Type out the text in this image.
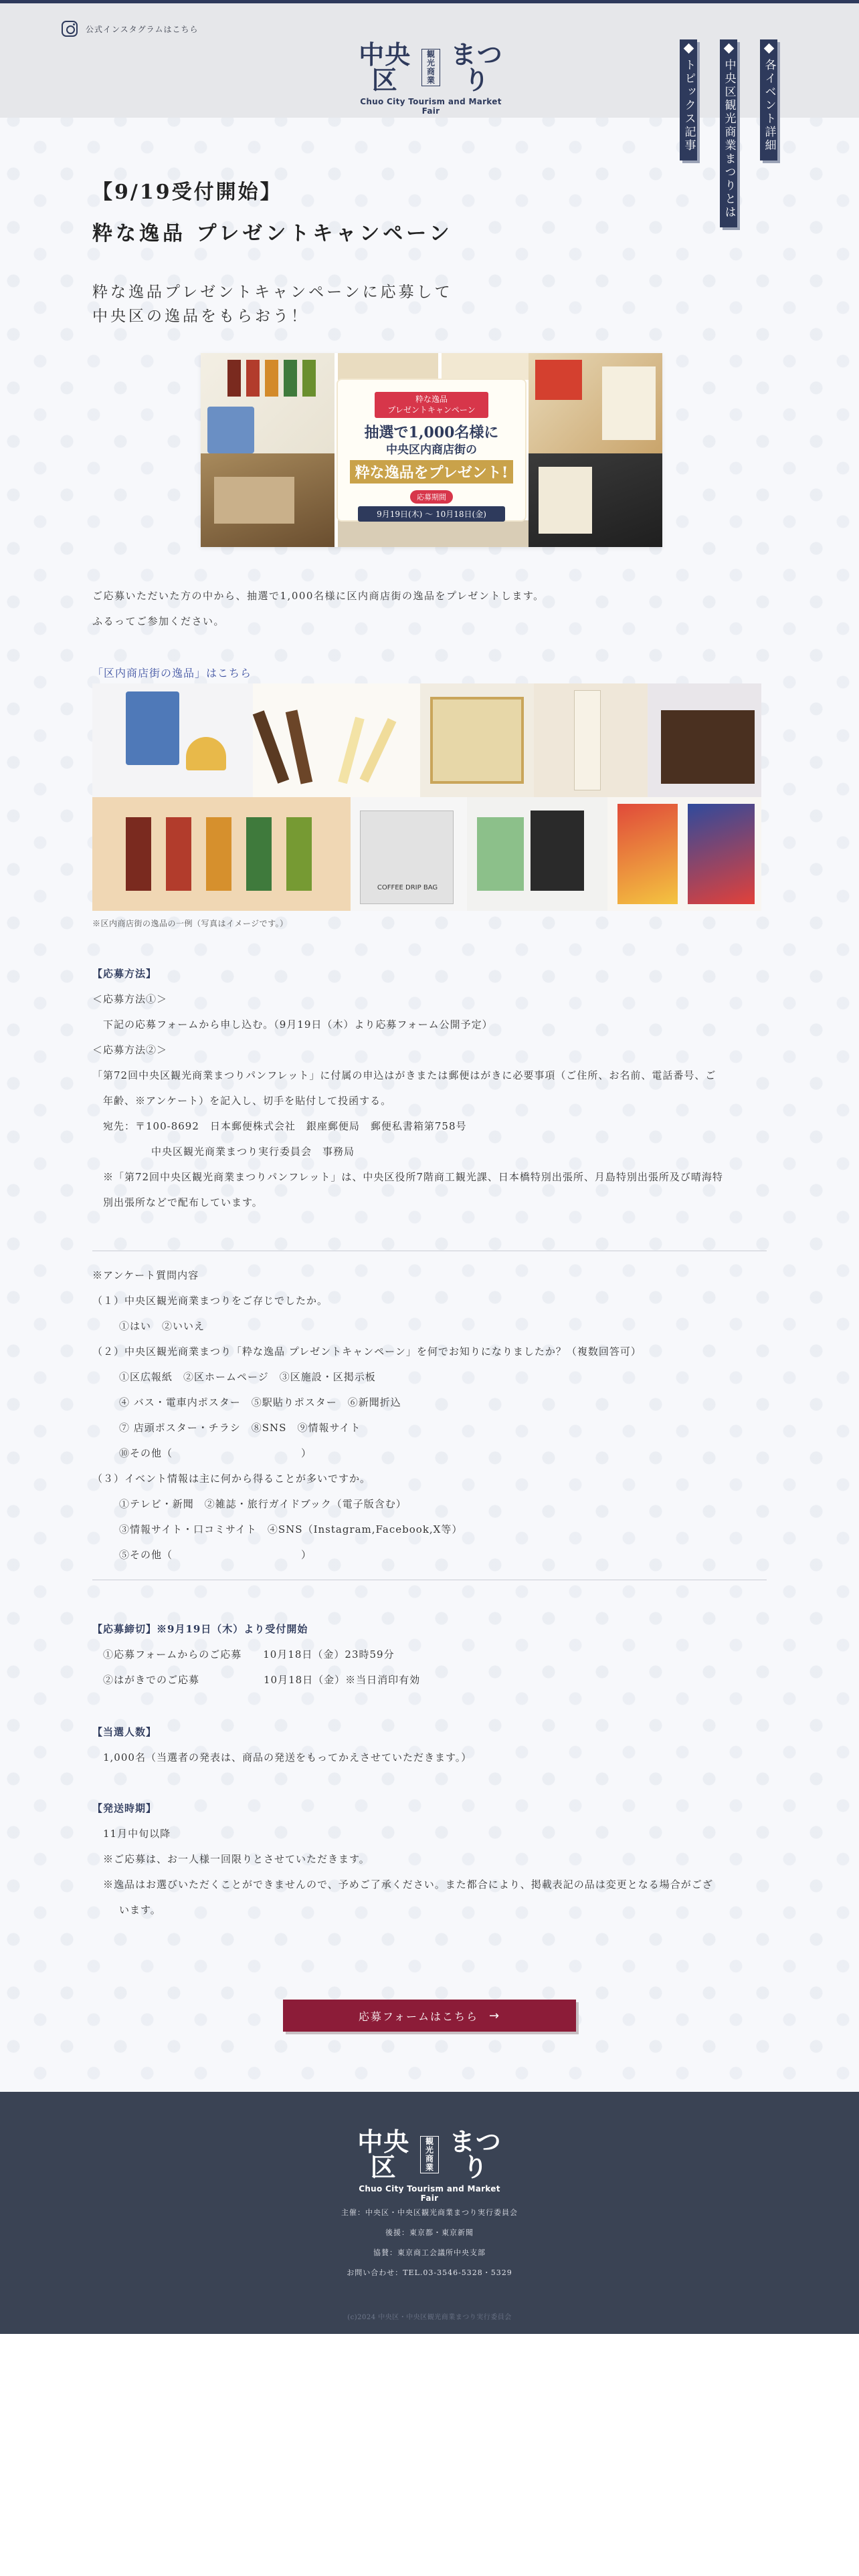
公式インスタグラムはこちら
中央区
観光
商業
まつり
Chuo City Tourism and Market Fair	各イベント詳細
中央区観光商業まつりとは
トピックス記事
【9/19受付開始】
粋な逸品 プレゼントキャンペーン

粋な逸品プレゼントキャンペーンに応募して
中央区の逸品をもらおう！

粋な逸品
プレゼントキャンペーン
抽選で1,000名様に
中央区内商店街の
粋な逸品をプレゼント!
応募期間
9月19日(木) ～ 10月18日(金)

ご応募いただいた方の中から、抽選で1,000名様に区内商店街の逸品をプレゼントします。

ふるってご参加ください。

「区内商店街の逸品」はこちら
COFFEE DRIP BAG

※区内商店街の逸品の一例（写真はイメージです。）

【応募方法】
＜応募方法①＞
下記の応募フォームから申し込む。（9月19日（木）より応募フォーム公開予定）
＜応募方法②＞
「第72回中央区観光商業まつりパンフレット」に付属の申込はがきまたは郵便はがきに必要事項（ご住所、お名前、電話番号、ご
年齢、※アンケート）を記入し、切手を貼付して投函する。
宛先：〒100‐8692　日本郵便株式会社　銀座郵便局　郵便私書箱第758号
中央区観光商業まつり実行委員会　事務局
※「第72回中央区観光商業まつりパンフレット」は、中央区役所7階商工観光課、日本橋特別出張所、月島特別出張所及び晴海特
別出張所などで配布しています。
※アンケート質問内容
（１）中央区観光商業まつりをご存じでしたか。
①はい　②いいえ
（２）中央区観光商業まつり「粋な逸品 プレゼントキャンペーン」を何でお知りになりましたか？（複数回答可）
①区広報紙　②区ホームページ　③区施設・区掲示板
④ バス・電車内ポスター　⑤駅貼りポスター　⑥新聞折込
⑦ 店頭ポスター・チラシ　⑧SNS　⑨情報サイト
⑩その他（　　　　　　　　　　　　）
（３）イベント情報は主に何から得ることが多いですか。
①テレビ・新聞　②雑誌・旅行ガイドブック（電子版含む）
③情報サイト・口コミサイト　④SNS（Instagram,Facebook,X等）
⑤その他（　　　　　　　　　　　　）
【応募締切】※9月19日（木）より受付開始
①応募フォームからのご応募　　10月18日（金）23時59分
②はがきでのご応募　　　　　　10月18日（金）※当日消印有効
【当選人数】
1,000名（当選者の発表は、商品の発送をもってかえさせていただきます。）
【発送時期】
11月中旬以降
※ご応募は、お一人様一回限りとさせていただきます。
※逸品はお選びいただくことができませんので、予めご了承ください。また都合により、掲載表記の品は変更となる場合がござ
います。
応募フォームはこちら →
中央区
観光
商業
まつり
Chuo City Tourism and Market Fair
主催：中央区・中央区観光商業まつり実行委員会
後援：東京都・東京新聞
協賛：東京商工会議所中央支部
お問い合わせ：TEL.03-3546-5328・5329
(c)2024 中央区・中央区観光商業まつり実行委員会
